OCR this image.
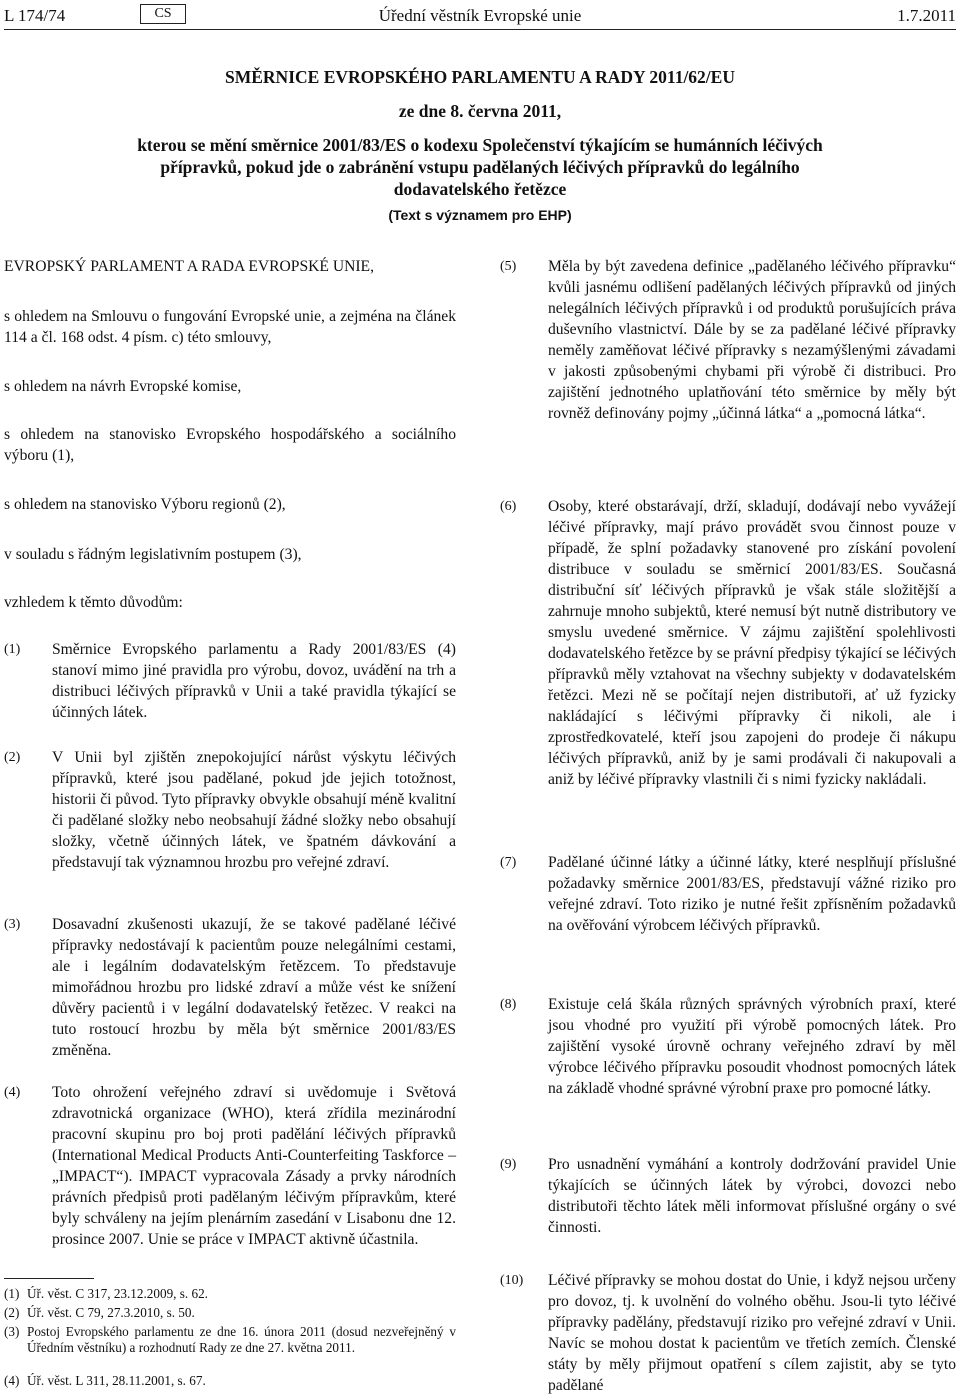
L 174/74	CS	Úřední věstník Evropské unie	1.7.2011
SMĚRNICE EVROPSKÉHO PARLAMENTU A RADY 2011/62/EU
ze dne 8. června 2011,
kterou se mění směrnice 2001/83/ES o kodexu Společenství týkajícím se humánních léčivých
přípravků, pokud jde o zabránění vstupu padělaných léčivých přípravků do legálního
dodavatelského řetězce
(Text s významem pro EHP)
EVROPSKÝ PARLAMENT A RADA EVROPSKÉ UNIE,
s ohledem na Smlouvu o fungování Evropské unie, a zejména na článek 114 a čl. 168 odst. 4 písm. c) této smlouvy,
s ohledem na návrh Evropské komise,
s ohledem na stanovisko Evropského hospodářského a sociálního výboru (1),
s ohledem na stanovisko Výboru regionů (2),
v souladu s řádným legislativním postupem (3),
vzhledem k těmto důvodům:
(1) Směrnice Evropského parlamentu a Rady 2001/83/ES (4) stanoví mimo jiné pravidla pro výrobu, dovoz, uvádění na trh a distribuci léčivých přípravků v Unii a také pravidla týkající se účinných látek.
(2) V Unii byl zjištěn znepokojující nárůst výskytu léčivých přípravků, které jsou padělané, pokud jde jejich totožnost, historii či původ. Tyto přípravky obvykle obsahují méně kvalitní či padělané složky nebo neobsahují žádné složky nebo obsahují složky, včetně účinných látek, ve špatném dávkování a představují tak významnou hrozbu pro veřejné zdraví.
(3) Dosavadní zkušenosti ukazují, že se takové padělané léčivé přípravky nedostávají k pacientům pouze nelegálními cestami, ale i legálním dodavatelským řetězcem. To představuje mimořádnou hrozbu pro lidské zdraví a může vést ke snížení důvěry pacientů i v legální dodavatelský řetězec. V reakci na tuto rostoucí hrozbu by měla být směrnice 2001/83/ES změněna.
(4) Toto ohrožení veřejného zdraví si uvědomuje i Světová zdravotnická organizace (WHO), která zřídila mezinárodní pracovní skupinu pro boj proti padělání léčivých přípravků (International Medical Products Anti-Counterfeiting Taskforce – „IMPACT“). IMPACT vypracovala Zásady a prvky národních právních předpisů proti padělaným léčivým přípravkům, které byly schváleny na jejím plenárním zasedání v Lisabonu dne 12. prosince 2007. Unie se práce v IMPACT aktivně účastnila.
(1) Úř. věst. C 317, 23.12.2009, s. 62.
(2) Úř. věst. C 79, 27.3.2010, s. 50.
(3) Postoj Evropského parlamentu ze dne 16. února 2011 (dosud nezveřejněný v Úředním věstníku) a rozhodnutí Rady ze dne 27. května 2011.
(4) Úř. věst. L 311, 28.11.2001, s. 67.
(5) Měla by být zavedena definice „padělaného léčivého přípravku“ kvůli jasnému odlišení padělaných léčivých přípravků od jiných nelegálních léčivých přípravků i od produktů porušujících práva duševního vlastnictví. Dále by se za padělané léčivé přípravky neměly zaměňovat léčivé přípravky s nezamýšlenými závadami v jakosti způsobenými chybami při výrobě či distribuci. Pro zajištění jednotného uplatňování této směrnice by měly být rovněž definovány pojmy „účinná látka“ a „pomocná látka“.
(6) Osoby, které obstarávají, drží, skladují, dodávají nebo vyvážejí léčivé přípravky, mají právo provádět svou činnost pouze v případě, že splní požadavky stanovené pro získání povolení distribuce v souladu se směrnicí 2001/83/ES. Současná distribuční síť léčivých přípravků je však stále složitější a zahrnuje mnoho subjektů, které nemusí být nutně distributory ve smyslu uvedené směrnice. V zájmu zajištění spolehlivosti dodavatelského řetězce by se právní předpisy týkající se léčivých přípravků měly vztahovat na všechny subjekty v dodavatelském řetězci. Mezi ně se počítají nejen distributoři, ať už fyzicky nakládající s léčivými přípravky či nikoli, ale i zprostředkovatelé, kteří jsou zapojeni do prodeje či nákupu léčivých přípravků, aniž by je sami prodávali či nakupovali a aniž by léčivé přípravky vlastnili či s nimi fyzicky nakládali.
(7) Padělané účinné látky a účinné látky, které nesplňují příslušné požadavky směrnice 2001/83/ES, představují vážné riziko pro veřejné zdraví. Toto riziko je nutné řešit zpřísněním požadavků na ověřování výrobcem léčivých přípravků.
(8) Existuje celá škála různých správných výrobních praxí, které jsou vhodné pro využití při výrobě pomocných látek. Pro zajištění vysoké úrovně ochrany veřejného zdraví by měl výrobce léčivého přípravku posoudit vhodnost pomocných látek na základě vhodné správné výrobní praxe pro pomocné látky.
(9) Pro usnadnění vymáhání a kontroly dodržování pravidel Unie týkajících se účinných látek by výrobci, dovozci nebo distributoři těchto látek měli informovat příslušné orgány o své činnosti.
(10) Léčivé přípravky se mohou dostat do Unie, i když nejsou určeny pro dovoz, tj. k uvolnění do volného oběhu. Jsou-li tyto léčivé přípravky padělány, představují riziko pro veřejné zdraví v Unii. Navíc se mohou dostat k pacientům ve třetích zemích. Členské státy by měly přijmout opatření s cílem zajistit, aby se tyto padělané
